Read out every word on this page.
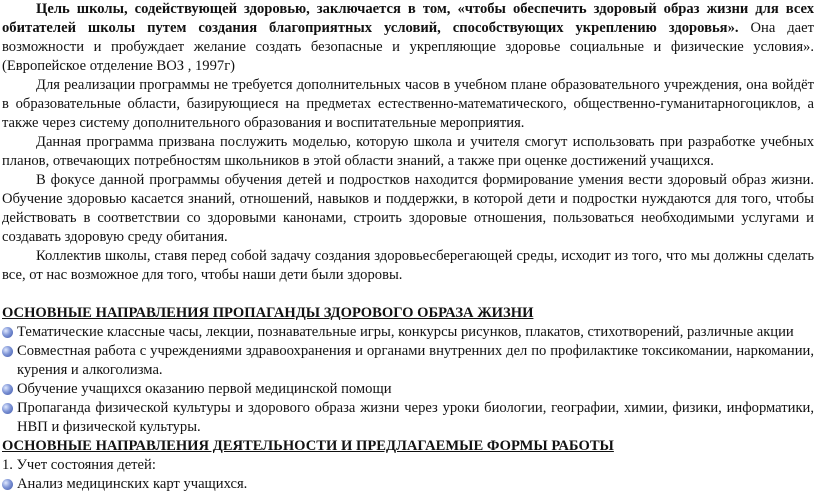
Цель школы, содействующей здоровью, заключается в том, «чтобы обеспечить здоровый образ жизни для всех обитателей школы путем создания благоприятных условий, способствующих укреплению здоровья». Она дает возможности и пробуждает желание создать безопасные и укрепляющие здоровье социальные и физические условия». (Европейское отделение ВОЗ , 1997г)

Для реализации программы не требуется дополнительных часов в учебном плане образовательного учреждения, она войдёт в образовательные области, базирующиеся на предметах естественно-математического, общественно-гуманитарногоциклов, а также через систему дополнительного образования и воспитательные мероприятия.

Данная программа призвана послужить моделью, которую школа и учителя смогут использовать при разработке учебных планов, отвечающих потребностям школьников в этой области знаний, а также при оценке достижений учащихся.

В фокусе данной программы обучения детей и подростков находится формирование умения вести здоровый образ жизни. Обучение здоровью касается знаний, отношений, навыков и поддержки, в которой дети и подростки нуждаются для того, чтобы действовать в соответствии со здоровыми канонами, строить здоровые отношения, пользоваться необходимыми услугами и создавать здоровую среду обитания.

Коллектив школы, ставя перед собой задачу создания здоровьесберегающей среды, исходит из того, что мы должны сделать все, от нас возможное для того, чтобы наши дети были здоровы.

ОСНОВНЫЕ НАПРАВЛЕНИЯ ПРОПАГАНДЫ ЗДОРОВОГО ОБРАЗА ЖИЗНИ

Тематические классные часы, лекции, познавательные игры, конкурсы рисунков, плакатов, стихотворений, различные акции
Совместная работа с учреждениями здравоохранения и органами внутренних дел по профилактике токсикомании, наркомании, курения и алкоголизма.
Обучение учащихся оказанию первой медицинской помощи
Пропаганда физической культуры и здорового образа жизни через уроки биологии, географии, химии, физики, информатики, НВП и физической культуры.

ОСНОВНЫЕ НАПРАВЛЕНИЯ ДЕЯТЕЛЬНОСТИ И ПРЕДЛАГАЕМЫЕ ФОРМЫ РАБОТЫ

1. Учет состояния детей:

Анализ медицинских карт учащихся.
